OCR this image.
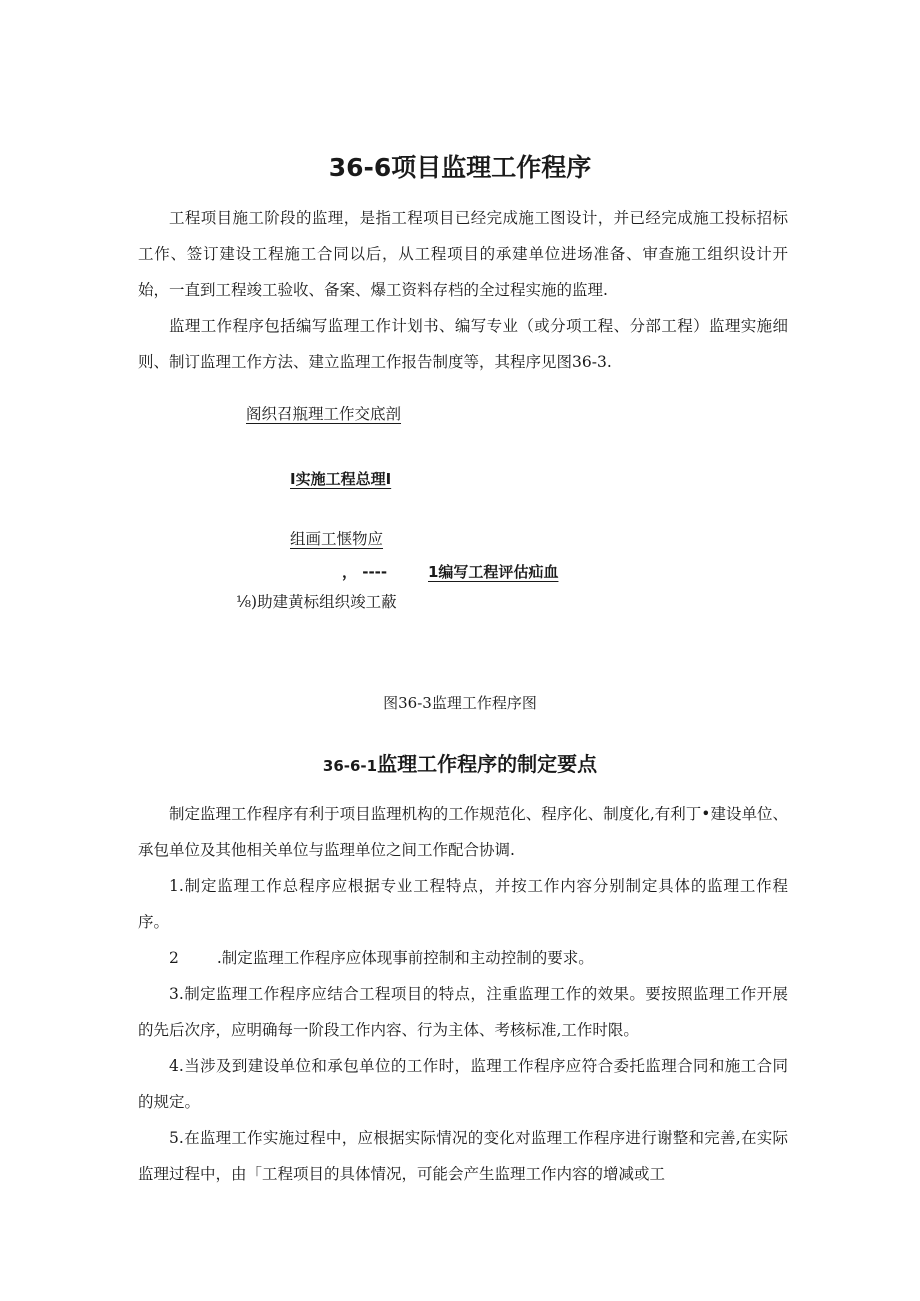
36-6项目监理工作程序

工程项目施工阶段的监理，是指工程项目已经完成施工图设计，并已经完成施工投标招标工作、签订建设工程施工合同以后，从工程项目的承建单位进场准备、审查施工组织设计开始，一直到工程竣工验收、备案、爆工资料存档的全过程实施的监理.

监理工作程序包括编写监理工作计划书、编写专业（或分项工程、分部工程）监理实施细则、制订监理工作方法、建立监理工作报告制度等，其程序见图36-3.

阁织召瓶理工作交底剖
I实施工程总理I
组画工惬物应
， ----	1编写工程评估疝血
⅛)助建黄标组织竣工蔽
图36-3监理工作程序图
36-6-1监理工作程序的制定要点

制定监理工作程序有利于项目监理机构的工作规范化、程序化、制度化,有利丁•建设单位、承包单位及其他相关单位与监理单位之间工作配合协调.

1.制定监理工作总程序应根据专业工程特点，并按工作内容分别制定具体的监理工作程序。

2 .制定监理工作程序应体现事前控制和主动控制的要求。

3.制定监理工作程序应结合工程项目的特点，注重监理工作的效果。要按照监理工作开展的先后次序，应明确每一阶段工作内容、行为主体、考核标准,工作时限。

4.当涉及到建设单位和承包单位的工作时，监理工作程序应符合委托监理合同和施工合同的规定。

5.在监理工作实施过程中，应根据实际情况的变化对监理工作程序进行谢整和完善,在实际监理过程中，由「工程项目的具体情况，可能会产生监理工作内容的增减或工
